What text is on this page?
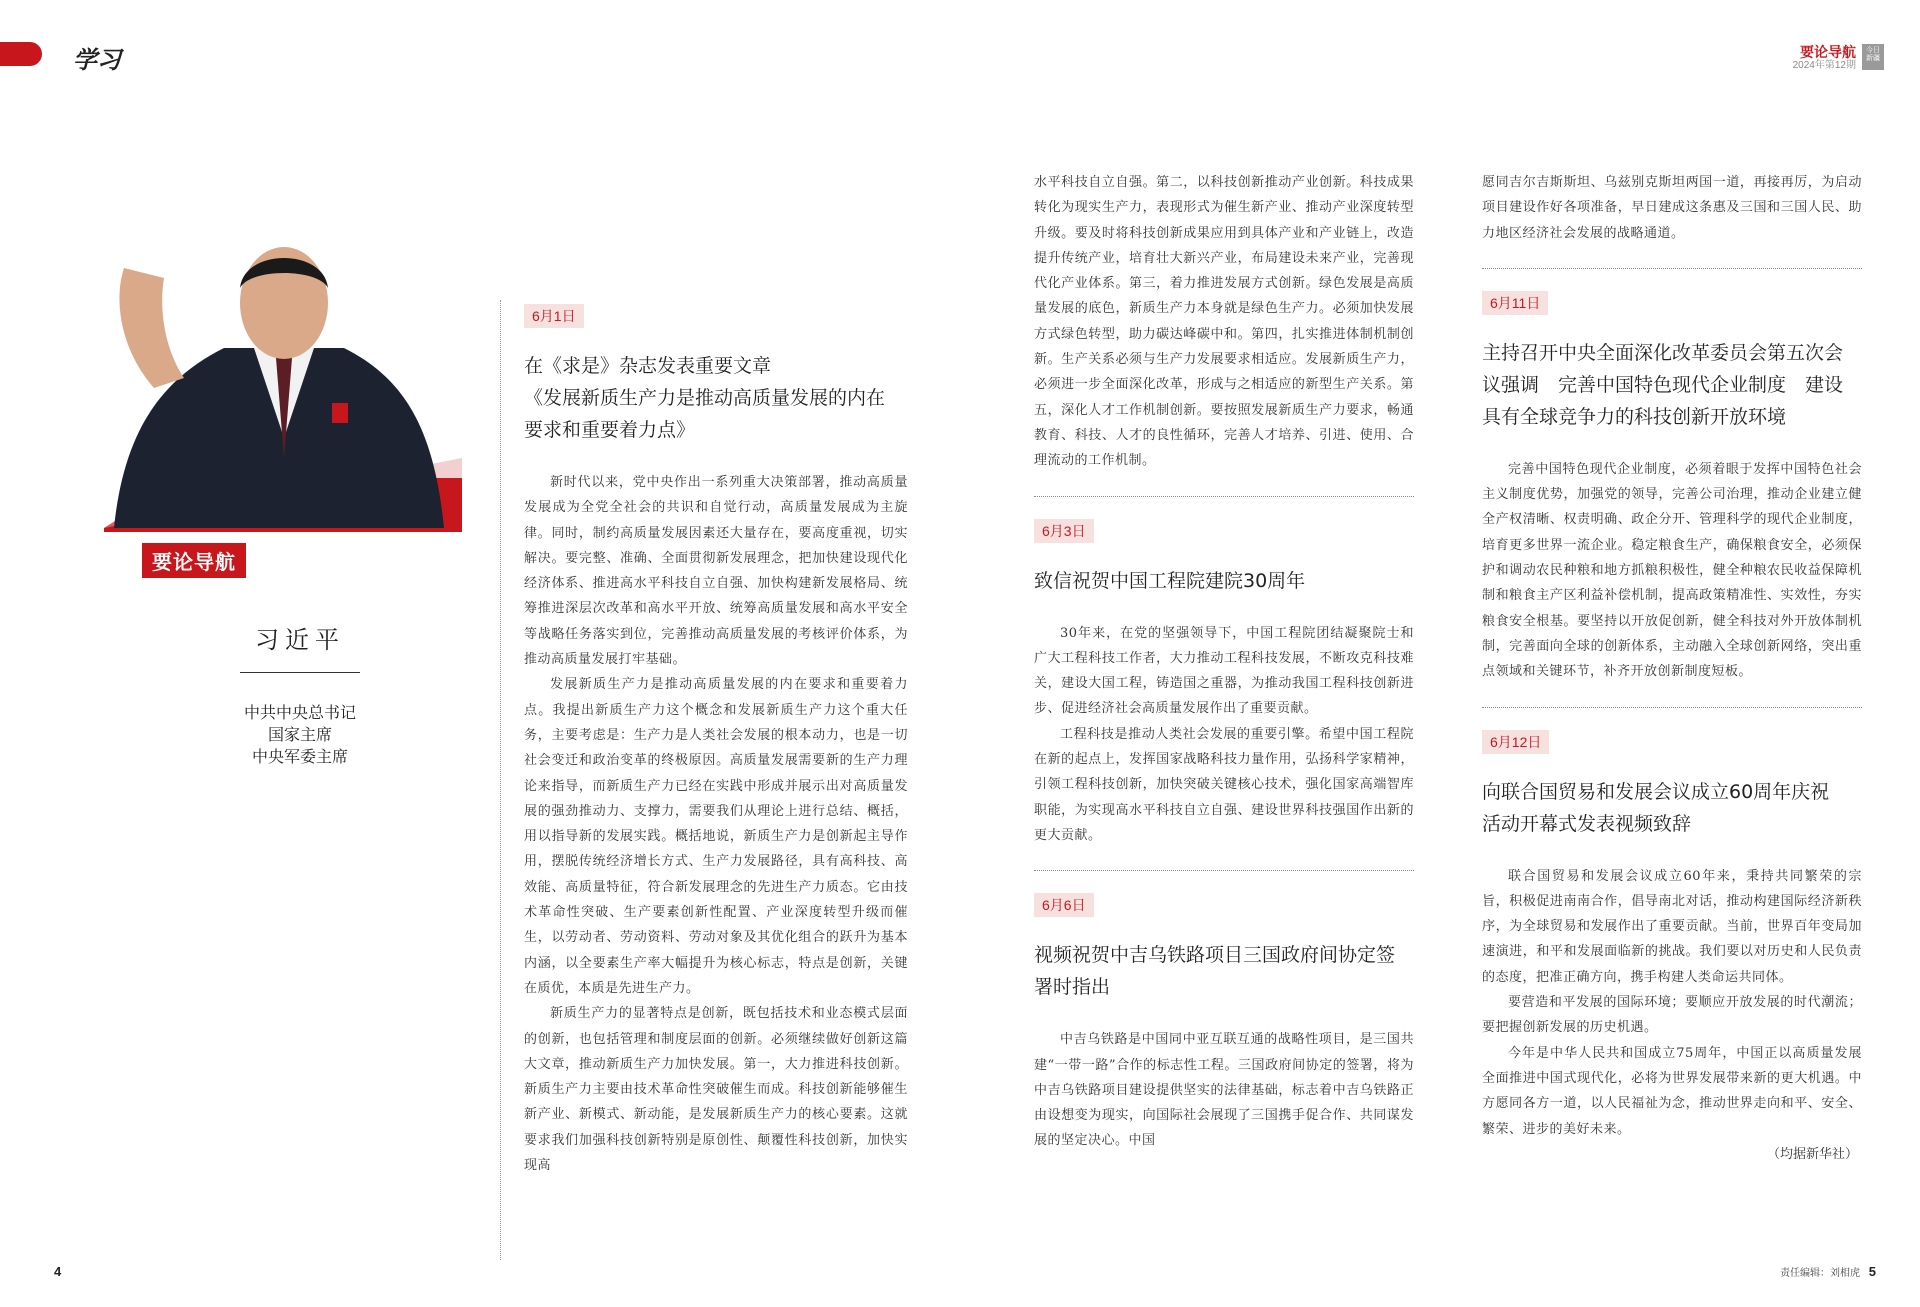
学习	要论导航
2024年第12期
今日
新疆
要论导航
习近平
中共中央总书记
国家主席
中央军委主席
6月1日
在《求是》杂志发表重要文章
《发展新质生产力是推动高质量发展的内在
要求和重要着力点》

新时代以来，党中央作出一系列重大决策部署，推动高质量发展成为全党全社会的共识和自觉行动，高质量发展成为主旋律。同时，制约高质量发展因素还大量存在，要高度重视，切实解决。要完整、准确、全面贯彻新发展理念，把加快建设现代化经济体系、推进高水平科技自立自强、加快构建新发展格局、统筹推进深层次改革和高水平开放、统筹高质量发展和高水平安全等战略任务落实到位，完善推动高质量发展的考核评价体系，为推动高质量发展打牢基础。

发展新质生产力是推动高质量发展的内在要求和重要着力点。我提出新质生产力这个概念和发展新质生产力这个重大任务，主要考虑是：生产力是人类社会发展的根本动力，也是一切社会变迁和政治变革的终极原因。高质量发展需要新的生产力理论来指导，而新质生产力已经在实践中形成并展示出对高质量发展的强劲推动力、支撑力，需要我们从理论上进行总结、概括，用以指导新的发展实践。概括地说，新质生产力是创新起主导作用，摆脱传统经济增长方式、生产力发展路径，具有高科技、高效能、高质量特征，符合新发展理念的先进生产力质态。它由技术革命性突破、生产要素创新性配置、产业深度转型升级而催生，以劳动者、劳动资料、劳动对象及其优化组合的跃升为基本内涵，以全要素生产率大幅提升为核心标志，特点是创新，关键在质优，本质是先进生产力。

新质生产力的显著特点是创新，既包括技术和业态模式层面的创新，也包括管理和制度层面的创新。必须继续做好创新这篇大文章，推动新质生产力加快发展。第一，大力推进科技创新。新质生产力主要由技术革命性突破催生而成。科技创新能够催生新产业、新模式、新动能，是发展新质生产力的核心要素。这就要求我们加强科技创新特别是原创性、颠覆性科技创新，加快实现高

水平科技自立自强。第二，以科技创新推动产业创新。科技成果转化为现实生产力，表现形式为催生新产业、推动产业深度转型升级。要及时将科技创新成果应用到具体产业和产业链上，改造提升传统产业，培育壮大新兴产业，布局建设未来产业，完善现代化产业体系。第三，着力推进发展方式创新。绿色发展是高质量发展的底色，新质生产力本身就是绿色生产力。必须加快发展方式绿色转型，助力碳达峰碳中和。第四，扎实推进体制机制创新。生产关系必须与生产力发展要求相适应。发展新质生产力，必须进一步全面深化改革，形成与之相适应的新型生产关系。第五，深化人才工作机制创新。要按照发展新质生产力要求，畅通教育、科技、人才的良性循环，完善人才培养、引进、使用、合理流动的工作机制。

6月3日
致信祝贺中国工程院建院30周年

30年来，在党的坚强领导下，中国工程院团结凝聚院士和广大工程科技工作者，大力推动工程科技发展，不断攻克科技难关，建设大国工程，铸造国之重器，为推动我国工程科技创新进步、促进经济社会高质量发展作出了重要贡献。

工程科技是推动人类社会发展的重要引擎。希望中国工程院在新的起点上，发挥国家战略科技力量作用，弘扬科学家精神，引领工程科技创新，加快突破关键核心技术，强化国家高端智库职能，为实现高水平科技自立自强、建设世界科技强国作出新的更大贡献。

6月6日
视频祝贺中吉乌铁路项目三国政府间协定签
署时指出

中吉乌铁路是中国同中亚互联互通的战略性项目，是三国共建“一带一路”合作的标志性工程。三国政府间协定的签署，将为中吉乌铁路项目建设提供坚实的法律基础，标志着中吉乌铁路正由设想变为现实，向国际社会展现了三国携手促合作、共同谋发展的坚定决心。中国

愿同吉尔吉斯斯坦、乌兹别克斯坦两国一道，再接再厉，为启动项目建设作好各项准备，早日建成这条惠及三国和三国人民、助力地区经济社会发展的战略通道。

6月11日
主持召开中央全面深化改革委员会第五次会
议强调　完善中国特色现代企业制度　建设
具有全球竞争力的科技创新开放环境

完善中国特色现代企业制度，必须着眼于发挥中国特色社会主义制度优势，加强党的领导，完善公司治理，推动企业建立健全产权清晰、权责明确、政企分开、管理科学的现代企业制度，培育更多世界一流企业。稳定粮食生产，确保粮食安全，必须保护和调动农民种粮和地方抓粮积极性，健全种粮农民收益保障机制和粮食主产区利益补偿机制，提高政策精准性、实效性，夯实粮食安全根基。要坚持以开放促创新，健全科技对外开放体制机制，完善面向全球的创新体系，主动融入全球创新网络，突出重点领域和关键环节，补齐开放创新制度短板。

6月12日
向联合国贸易和发展会议成立60周年庆祝
活动开幕式发表视频致辞

联合国贸易和发展会议成立60年来，秉持共同繁荣的宗旨，积极促进南南合作，倡导南北对话，推动构建国际经济新秩序，为全球贸易和发展作出了重要贡献。当前，世界百年变局加速演进，和平和发展面临新的挑战。我们要以对历史和人民负责的态度，把准正确方向，携手构建人类命运共同体。

要营造和平发展的国际环境；要顺应开放发展的时代潮流；要把握创新发展的历史机遇。

今年是中华人民共和国成立75周年，中国正以高质量发展全面推进中国式现代化，必将为世界发展带来新的更大机遇。中方愿同各方一道，以人民福祉为念，推动世界走向和平、安全、繁荣、进步的美好未来。

（均据新华社）
责任编辑：刘相虎
4	5
